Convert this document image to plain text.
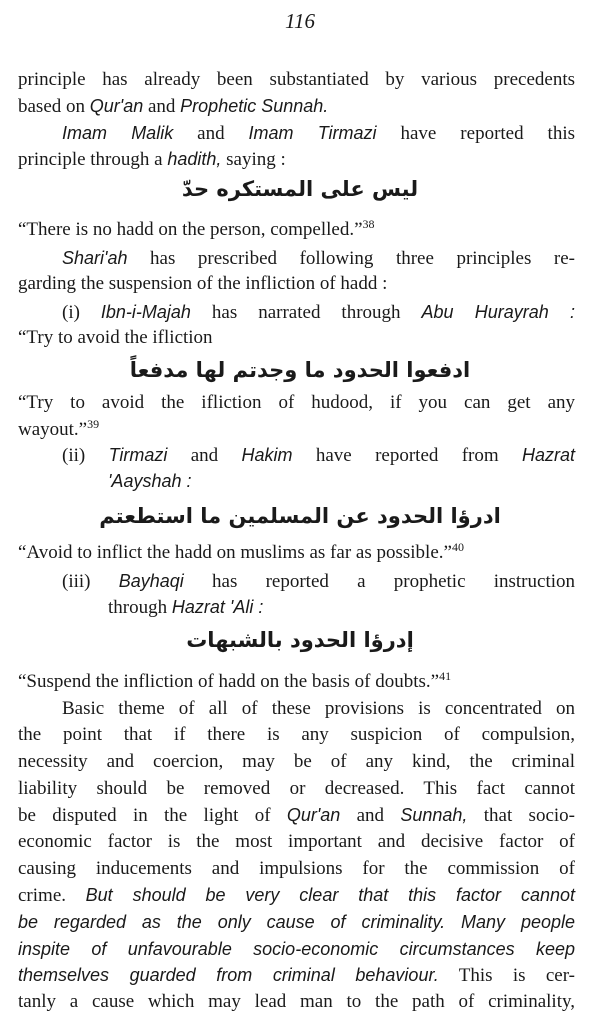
116

principle has already been substantiated by various precedents

based on Qur'an and Prophetic Sunnah.

Imam Malik and Imam Tirmazi have reported this

principle through a hadith, saying :

ليس على المستكره حدّ

“There is no hadd on the person, compelled.”$^{38}$

Shari'ah has prescribed following three principles re-

garding the suspension of the infliction of hadd :

(i) Ibn-i-Majah has narrated through Abu Hurayrah :

“Try to avoid the ifliction

ادفعوا الحدود ما وجدتم لها مدفعاً

“Try to avoid the ifliction of hudood, if you can get any

wayout.”$^{39}$

(ii) Tirmazi and Hakim have reported from Hazrat

'Aayshah :

ادرؤا الحدود عن المسلمين ما استطعتم

“Avoid to inflict the hadd on muslims as far as possible.”$^{40}$

(iii) Bayhaqi has reported a prophetic instruction

through Hazrat 'Ali :

إدرؤا الحدود بالشبهات

“Suspend the infliction of hadd on the basis of doubts.”$^{41}$

Basic theme of all of these provisions is concentrated on

the point that if there is any suspicion of compulsion,

necessity and coercion, may be of any kind, the criminal

liability should be removed or decreased. This fact cannot

be disputed in the light of Qur'an and Sunnah, that socio-

economic factor is the most important and decisive factor of

causing inducements and impulsions for the commission of

crime. But should be very clear that this factor cannot

be regarded as the only cause of criminality. Many people

inspite of unfavourable socio-economic circumstances keep

themselves guarded from criminal behaviour. This is cer-

tanly a cause which may lead man to the path of criminality,
